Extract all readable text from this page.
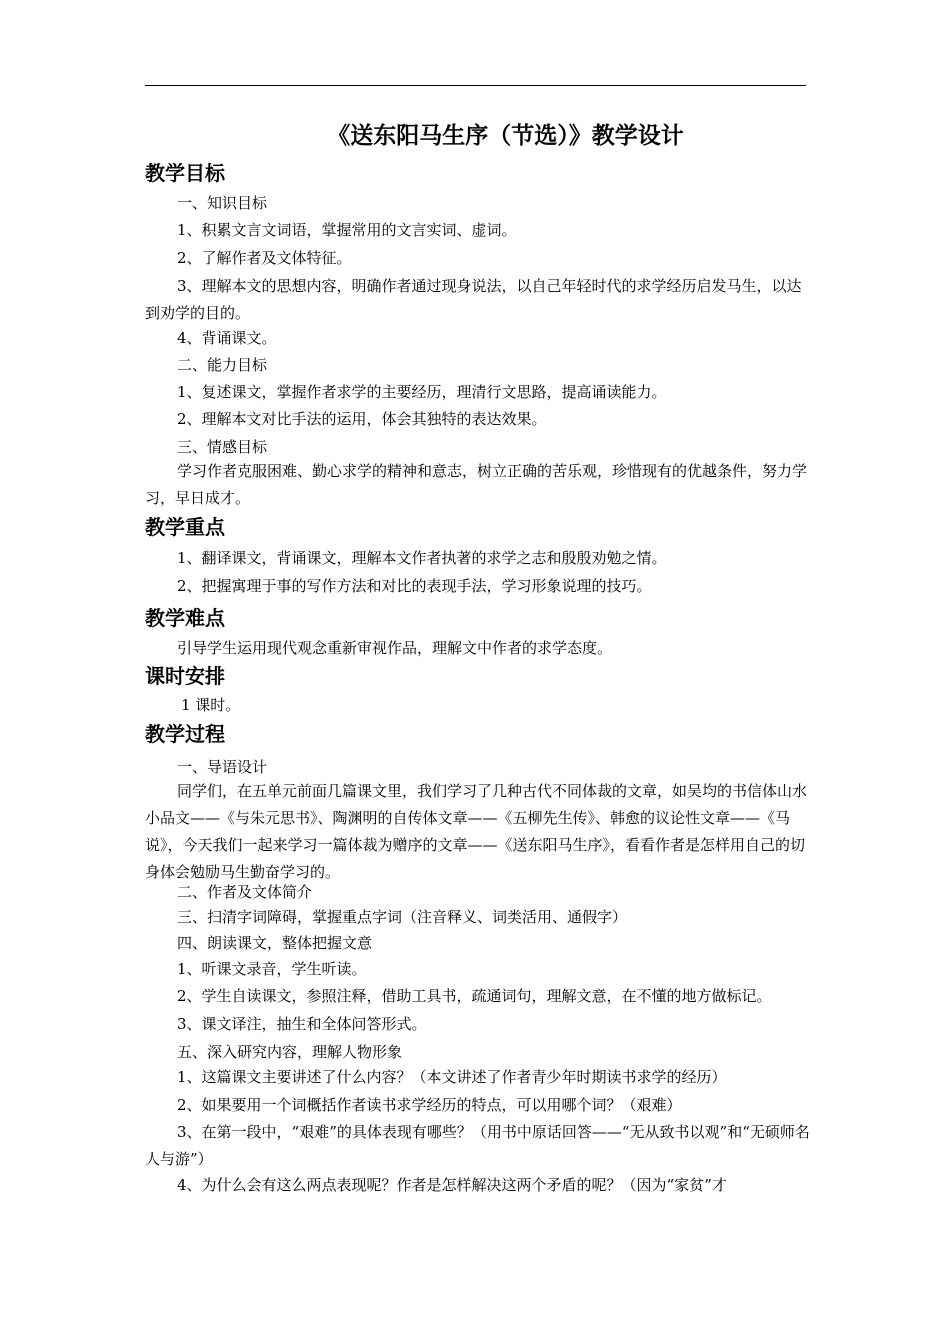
《送东阳马生序（节选）》教学设计
教学目标
一、知识目标
1、积累文言文词语，掌握常用的文言实词、虚词。
2、了解作者及文体特征。
3、理解本文的思想内容，明确作者通过现身说法，以自己年轻时代的求学经历启发马生，以达到劝学的目的。
4、背诵课文。
二、能力目标
1、复述课文，掌握作者求学的主要经历，理清行文思路，提高诵读能力。
2、理解本文对比手法的运用，体会其独特的表达效果。
三、情感目标
学习作者克服困难、勤心求学的精神和意志，树立正确的苦乐观，珍惜现有的优越条件，努力学习，早日成才。
教学重点
1、翻译课文，背诵课文，理解本文作者执著的求学之志和殷殷劝勉之情。
2、把握寓理于事的写作方法和对比的表现手法，学习形象说理的技巧。
教学难点
引导学生运用现代观念重新审视作品，理解文中作者的求学态度。
课时安排
1 课时。
教学过程
一、导语设计
同学们，在五单元前面几篇课文里，我们学习了几种古代不同体裁的文章，如吴均的书信体山水小品文——《与朱元思书》、陶渊明的自传体文章——《五柳先生传》、韩愈的议论性文章——《马说》，今天我们一起来学习一篇体裁为赠序的文章——《送东阳马生序》，看看作者是怎样用自己的切身体会勉励马生勤奋学习的。
二、作者及文体简介
三、扫清字词障碍，掌握重点字词（注音释义、词类活用、通假字）
四、朗读课文，整体把握文意
1、听课文录音，学生听读。
2、学生自读课文，参照注释，借助工具书，疏通词句，理解文意，在不懂的地方做标记。
3、课文译注，抽生和全体问答形式。
五、深入研究内容，理解人物形象
1、这篇课文主要讲述了什么内容？（本文讲述了作者青少年时期读书求学的经历）
2、如果要用一个词概括作者读书求学经历的特点，可以用哪个词？（艰难）
3、在第一段中，“艰难”的具体表现有哪些？（用书中原话回答——“无从致书以观”和“无硕师名人与游”）
4、为什么会有这么两点表现呢？作者是怎样解决这两个矛盾的呢？（因为“家贫”才
